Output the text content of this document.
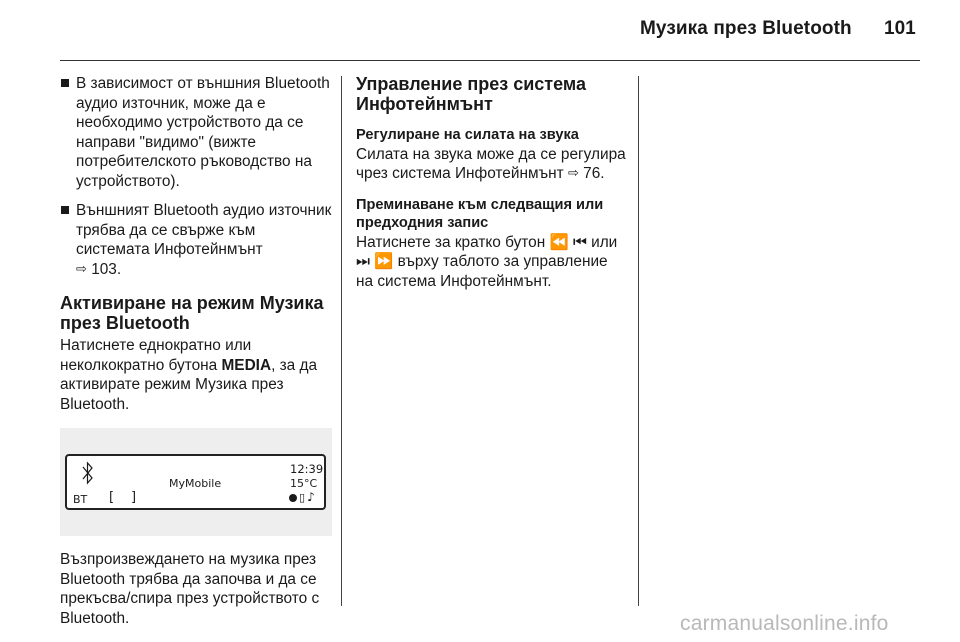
Музика през Bluetooth 101
В зависимост от външния Bluetooth аудио източник, може да е необходимо устройството да се направи "видимо" (вижте потребителското ръководство на устройството).
Външният Bluetooth аудио източник трябва да се свърже към системата Инфотейнмънт
⇨ 103.
Активиране на режим Музика през Bluetooth

Натиснете еднократно или неколкократно бутона MEDIA, за да активирате режим Музика през Bluetooth.

BT [ ]
MyMobile
12:39
15°C
▯ ♪

Възпроизвеждането на музика през Bluetooth трябва да започва и да се прекъсва/спира през устройството с Bluetooth.

Управление през система Инфотейнмънт
Регулиране на силата на звука

Силата на звука може да се регулира чрез система Инфотейнмънт ⇨ 76.

Преминаване към следващия или предходния запис

Натиснете за кратко бутон ⏪ ⏮ или ⏭ ⏩ върху таблото за управление на система Инфотейнмънт.

carmanualsonline.info
